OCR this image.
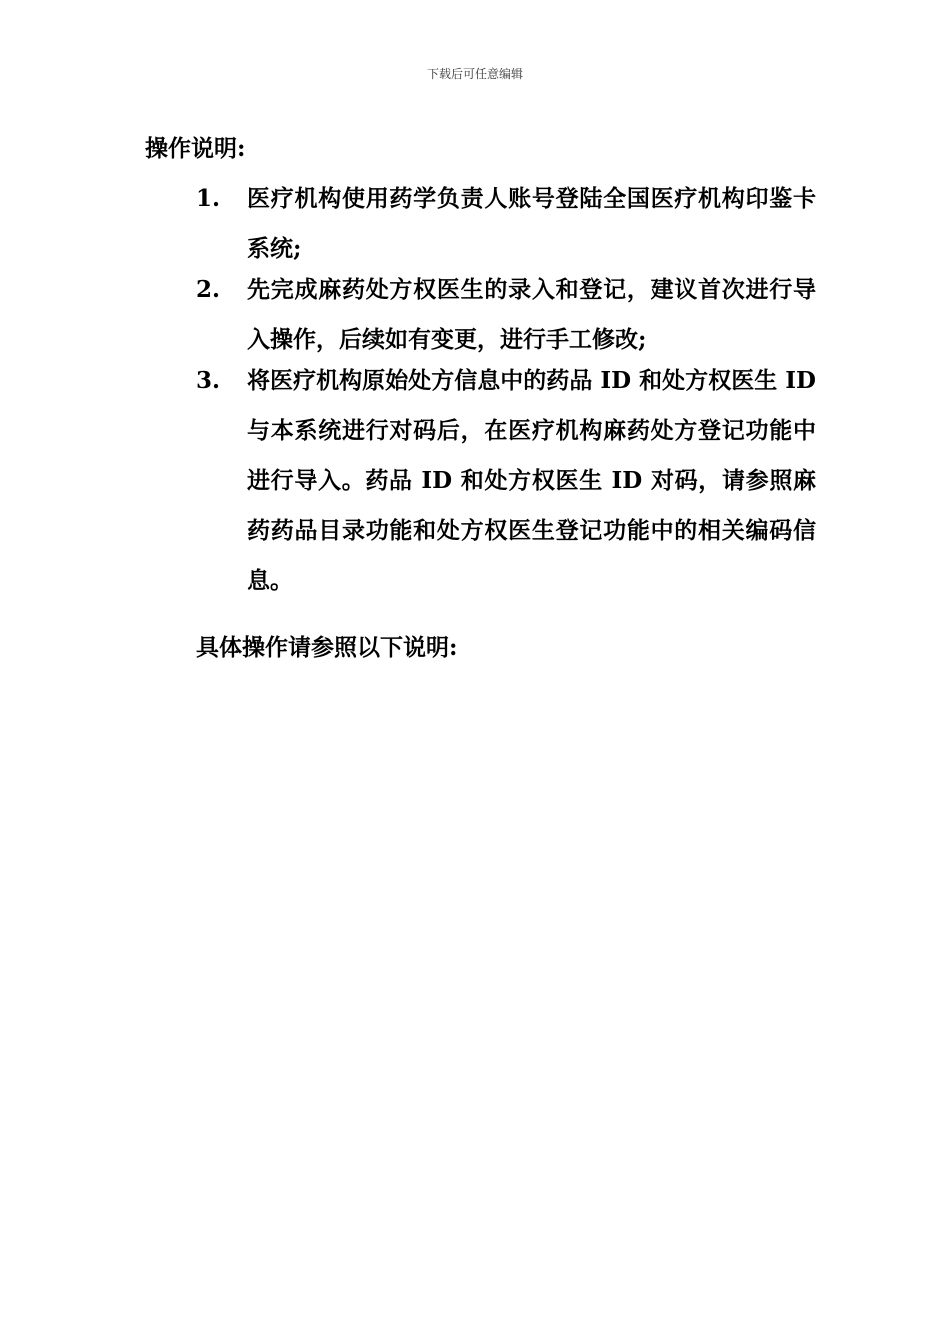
下载后可任意编辑
操作说明:
1.	医疗机构使用药学负责人账号登陆全国医疗机构印鉴卡系统;
2.	先完成麻药处方权医生的录入和登记，建议首次进行导入操作，后续如有变更，进行手工修改;
3.	将医疗机构原始处方信息中的药品 ID 和处方权医生 ID 与本系统进行对码后，在医疗机构麻药处方登记功能中进行导入。药品 ID 和处方权医生 ID 对码，请参照麻药药品目录功能和处方权医生登记功能中的相关编码信息。
具体操作请参照以下说明:
